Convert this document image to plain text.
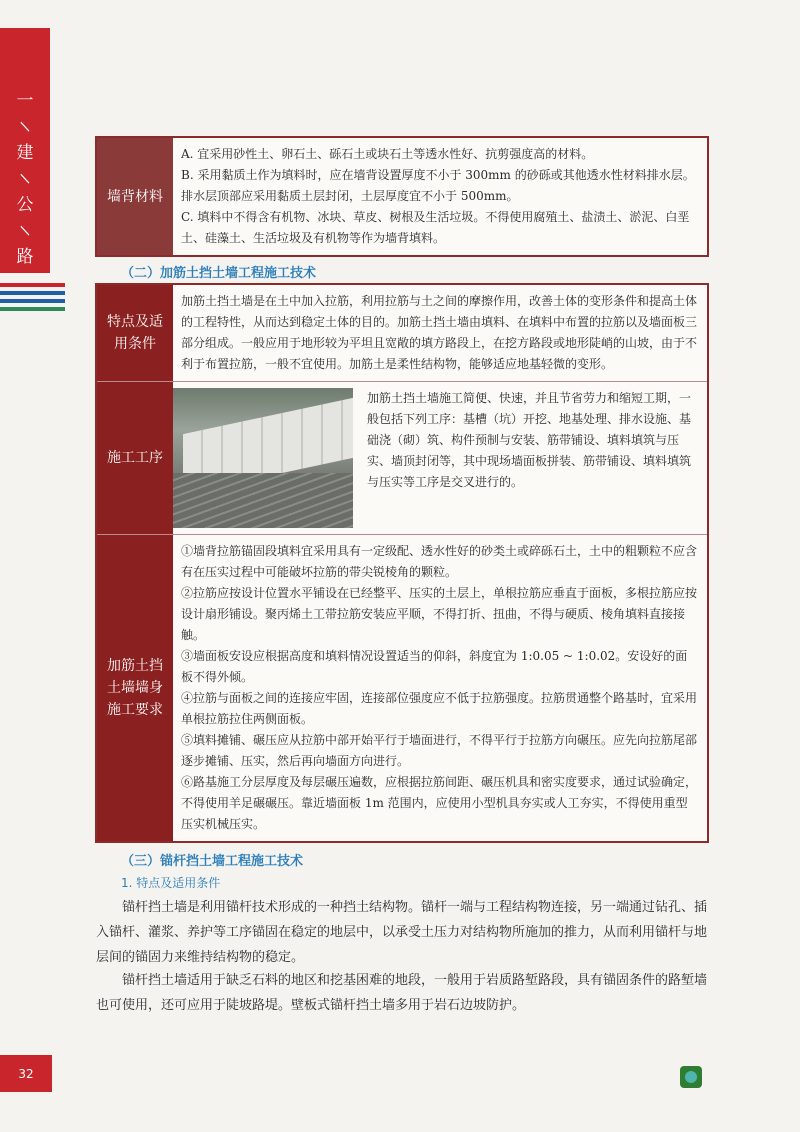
一
/
建
/
公
/
路
墙背材料
A. 宜采用砂性土、卵石土、砾石土或块石土等透水性好、抗剪强度高的材料。
B. 采用黏质土作为填料时，应在墙背设置厚度不小于 300mm 的砂砾或其他透水性材料排水层。排水层顶部应采用黏质土层封闭，土层厚度宜不小于 500mm。
C. 填料中不得含有机物、冰块、草皮、树根及生活垃圾。不得使用腐殖土、盐渍土、淤泥、白垩土、硅藻土、生活垃圾及有机物等作为墙背填料。
（二）加筋土挡土墙工程施工技术
特点及适用条件
加筋土挡土墙是在土中加入拉筋，利用拉筋与土之间的摩擦作用，改善土体的变形条件和提高土体的工程特性，从而达到稳定土体的目的。加筋土挡土墙由填料、在填料中布置的拉筋以及墙面板三部分组成。一般应用于地形较为平坦且宽敞的填方路段上，在挖方路段或地形陡峭的山坡，由于不利于布置拉筋，一般不宜使用。加筋土是柔性结构物，能够适应地基轻微的变形。
施工工序
加筋土挡土墙施工简便、快速，并且节省劳力和缩短工期，一般包括下列工序：基槽（坑）开挖、地基处理、排水设施、基础浇（砌）筑、构件预制与安装、筋带铺设、填料填筑与压实、墙顶封闭等，其中现场墙面板拼装、筋带铺设、填料填筑与压实等工序是交叉进行的。
加筋土挡土墙墙身施工要求
①墙背拉筋锚固段填料宜采用具有一定级配、透水性好的砂类土或碎砾石土，土中的粗颗粒不应含有在压实过程中可能破坏拉筋的带尖锐棱角的颗粒。
②拉筋应按设计位置水平铺设在已经整平、压实的土层上，单根拉筋应垂直于面板，多根拉筋应按设计扇形铺设。聚丙烯土工带拉筋安装应平顺，不得打折、扭曲，不得与硬质、棱角填料直接接触。
③墙面板安设应根据高度和填料情况设置适当的仰斜，斜度宜为 1:0.05 ~ 1:0.02。安设好的面板不得外倾。
④拉筋与面板之间的连接应牢固，连接部位强度应不低于拉筋强度。拉筋贯通整个路基时，宜采用单根拉筋拉住两侧面板。
⑤填料摊铺、碾压应从拉筋中部开始平行于墙面进行，不得平行于拉筋方向碾压。应先向拉筋尾部逐步摊铺、压实，然后再向墙面方向进行。
⑥路基施工分层厚度及每层碾压遍数，应根据拉筋间距、碾压机具和密实度要求，通过试验确定，不得使用羊足碾碾压。靠近墙面板 1m 范围内，应使用小型机具夯实或人工夯实，不得使用重型压实机械压实。
（三）锚杆挡土墙工程施工技术
1. 特点及适用条件
锚杆挡土墙是利用锚杆技术形成的一种挡土结构物。锚杆一端与工程结构物连接，另一端通过钻孔、插入锚杆、灌浆、养护等工序锚固在稳定的地层中，以承受土压力对结构物所施加的推力，从而利用锚杆与地层间的锚固力来维持结构物的稳定。
锚杆挡土墙适用于缺乏石料的地区和挖基困难的地段，一般用于岩质路堑路段，具有锚固条件的路堑墙也可使用，还可应用于陡坡路堤。壁板式锚杆挡土墙多用于岩石边坡防护。
32
